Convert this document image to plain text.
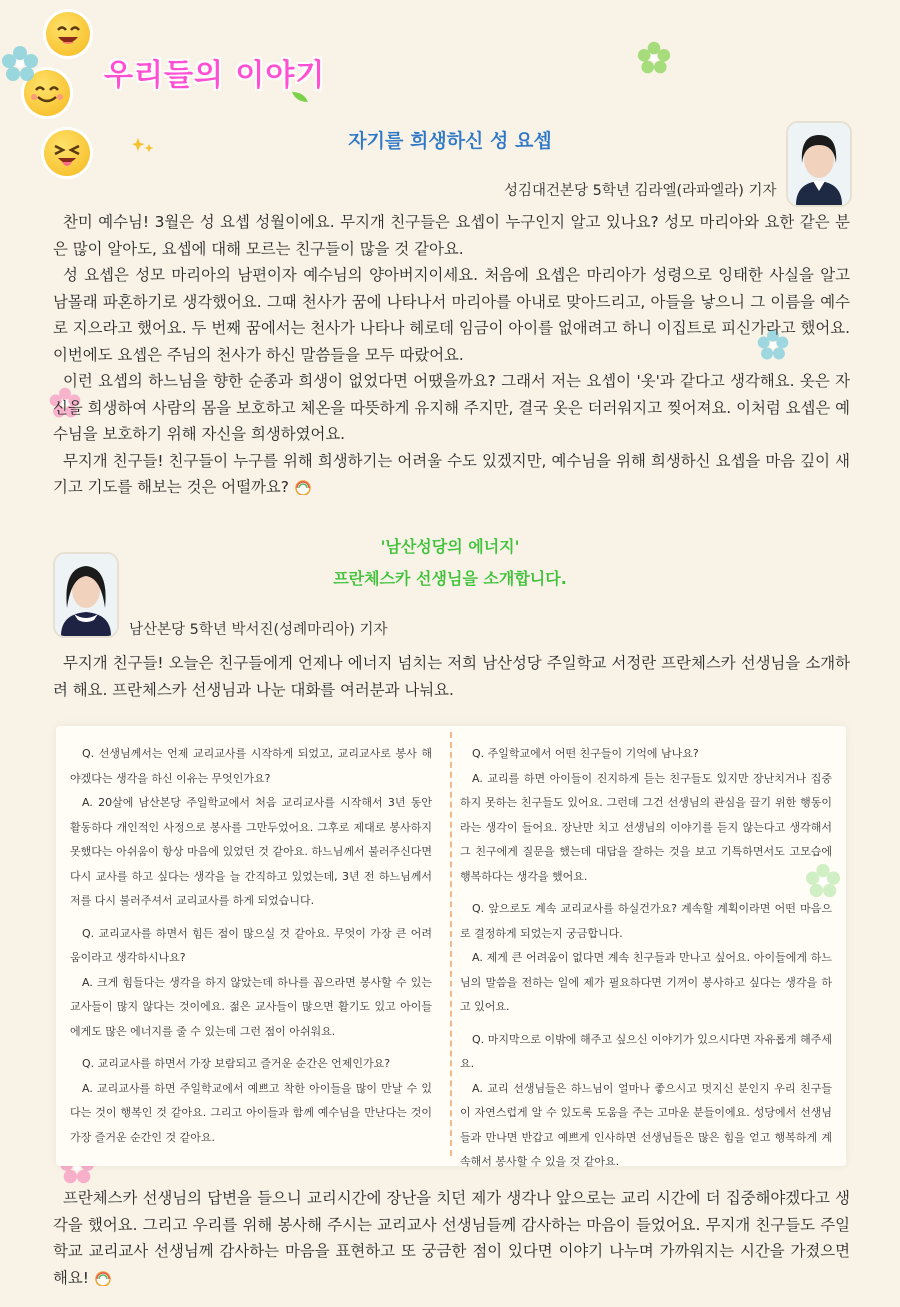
우리들의 이야기
자기를 희생하신 성 요셉
성김대건본당 5학년 김라엘(라파엘라) 기자

찬미 예수님! 3월은 성 요셉 성월이에요. 무지개 친구들은 요셉이 누구인지 알고 있나요? 성모 마리아와 요한 같은 분은 많이 알아도, 요셉에 대해 모르는 친구들이 많을 것 같아요.

성 요셉은 성모 마리아의 남편이자 예수님의 양아버지이세요. 처음에 요셉은 마리아가 성령으로 잉태한 사실을 알고 남몰래 파혼하기로 생각했어요. 그때 천사가 꿈에 나타나서 마리아를 아내로 맞아드리고, 아들을 낳으니 그 이름을 예수로 지으라고 했어요. 두 번째 꿈에서는 천사가 나타나 헤로데 임금이 아이를 없애려고 하니 이집트로 피신가라고 했어요. 이번에도 요셉은 주님의 천사가 하신 말씀들을 모두 따랐어요.

이런 요셉의 하느님을 향한 순종과 희생이 없었다면 어땠을까요? 그래서 저는 요셉이 '옷'과 같다고 생각해요. 옷은 자신을 희생하여 사람의 몸을 보호하고 체온을 따뜻하게 유지해 주지만, 결국 옷은 더러워지고 찢어져요. 이처럼 요셉은 예수님을 보호하기 위해 자신을 희생하였어요.

무지개 친구들! 친구들이 누구를 위해 희생하기는 어려울 수도 있겠지만, 예수님을 위해 희생하신 요셉을 마음 깊이 새기고 기도를 해보는 것은 어떨까요?

'남산성당의 에너지'
프란체스카 선생님을 소개합니다.
남산본당 5학년 박서진(성례마리아) 기자

무지개 친구들! 오늘은 친구들에게 언제나 에너지 넘치는 저희 남산성당 주일학교 서정란 프란체스카 선생님을 소개하려 해요. 프란체스카 선생님과 나눈 대화를 여러분과 나눠요.

Q. 선생님께서는 언제 교리교사를 시작하게 되었고, 교리교사로 봉사 해야겠다는 생각을 하신 이유는 무엇인가요?

A. 20살에 남산본당 주일학교에서 처음 교리교사를 시작해서 3년 동안 활동하다 개인적인 사정으로 봉사를 그만두었어요. 그후로 제대로 봉사하지 못했다는 아쉬움이 항상 마음에 있었던 것 같아요. 하느님께서 불러주신다면 다시 교사를 하고 싶다는 생각을 늘 간직하고 있었는데, 3년 전 하느님께서 저를 다시 불러주셔서 교리교사를 하게 되었습니다.

Q. 교리교사를 하면서 힘든 점이 많으실 것 같아요. 무엇이 가장 큰 어려움이라고 생각하시나요?

A. 크게 힘들다는 생각을 하지 않았는데 하나를 꼽으라면 봉사할 수 있는 교사들이 많지 않다는 것이에요. 젊은 교사들이 많으면 활기도 있고 아이들에게도 많은 에너지를 줄 수 있는데 그런 점이 아쉬워요.

Q. 교리교사를 하면서 가장 보람되고 즐거운 순간은 언제인가요?

A. 교리교사를 하면 주일학교에서 예쁘고 착한 아이들을 많이 만날 수 있다는 것이 행복인 것 같아요. 그리고 아이들과 함께 예수님을 만난다는 것이 가장 즐거운 순간인 것 같아요.

Q. 주일학교에서 어떤 친구들이 기억에 남나요?

A. 교리를 하면 아이들이 진지하게 듣는 친구들도 있지만 장난치거나 집중하지 못하는 친구들도 있어요. 그런데 그건 선생님의 관심을 끌기 위한 행동이라는 생각이 들어요. 장난만 치고 선생님의 이야기를 듣지 않는다고 생각해서 그 친구에게 질문을 했는데 대답을 잘하는 것을 보고 기특하면서도 고모습에 행복하다는 생각을 했어요.

Q. 앞으로도 계속 교리교사를 하실건가요? 계속할 계획이라면 어떤 마음으로 결정하게 되었는지 궁금합니다.

A. 제게 큰 어려움이 없다면 계속 친구들과 만나고 싶어요. 아이들에게 하느님의 말씀을 전하는 일에 제가 필요하다면 기꺼이 봉사하고 싶다는 생각을 하고 있어요.

Q. 마지막으로 이밖에 해주고 싶으신 이야기가 있으시다면 자유롭게 해주세요.

A. 교리 선생님들은 하느님이 얼마나 좋으시고 멋지신 분인지 우리 친구들이 자연스럽게 알 수 있도록 도움을 주는 고마운 분들이에요. 성당에서 선생님들과 만나면 반갑고 예쁘게 인사하면 선생님들은 많은 힘을 얻고 행복하게 계속해서 봉사할 수 있을 것 같아요.

프란체스카 선생님의 답변을 들으니 교리시간에 장난을 치던 제가 생각나 앞으로는 교리 시간에 더 집중해야겠다고 생각을 했어요. 그리고 우리를 위해 봉사해 주시는 교리교사 선생님들께 감사하는 마음이 들었어요. 무지개 친구들도 주일학교 교리교사 선생님께 감사하는 마음을 표현하고 또 궁금한 점이 있다면 이야기 나누며 가까워지는 시간을 가졌으면 해요!
